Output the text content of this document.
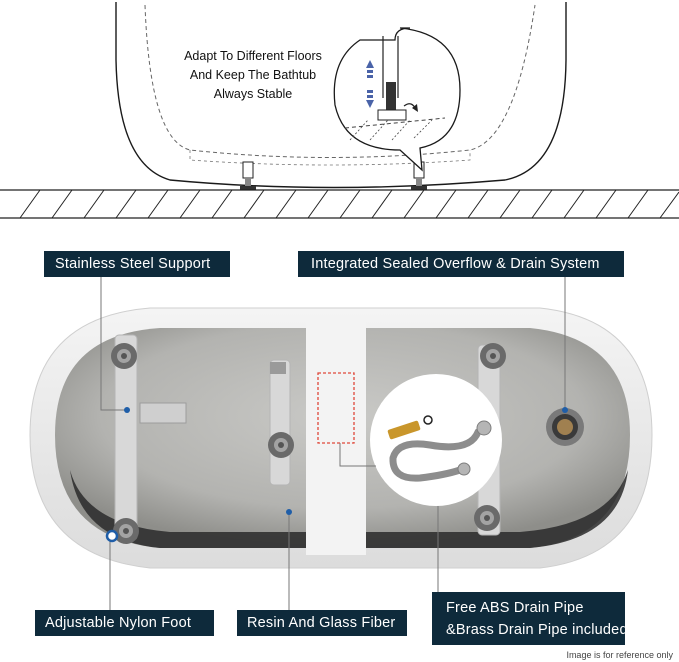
Adapt To Different Floors
And Keep The Bathtub
Always Stable
Stainless Steel Support	Integrated Sealed Overflow & Drain System
Adjustable Nylon Foot	Resin And Glass Fiber
Free ABS Drain Pipe
&Brass Drain Pipe included
Image is for reference only
